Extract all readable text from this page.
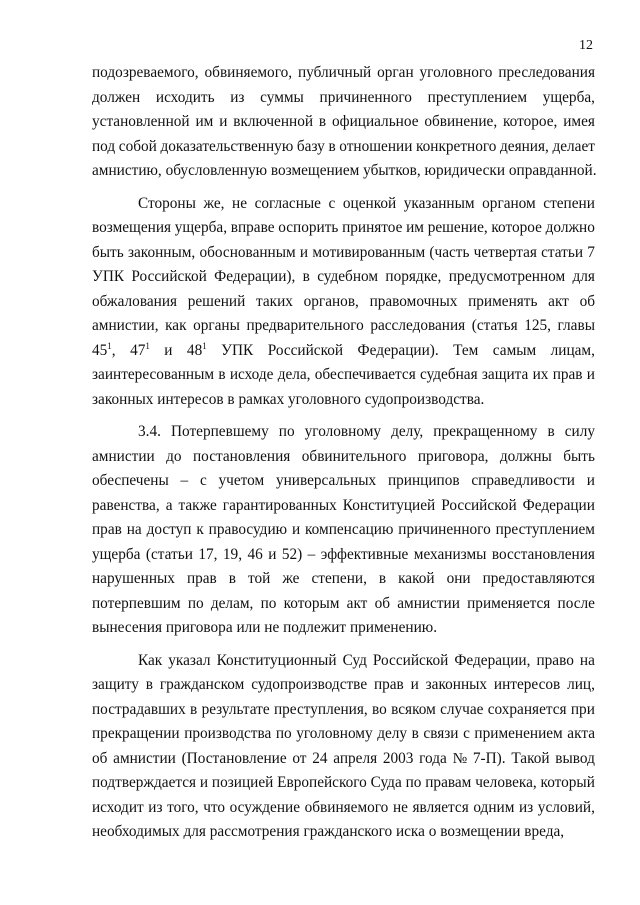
12
подозреваемого, обвиняемого, публичный орган уголовного преследования
должен исходить из суммы причиненного преступлением ущерба,
установленной им и включенной в официальное обвинение, которое, имея
под собой доказательственную базу в отношении конкретного деяния, делает
амнистию, обусловленную возмещением убытков, юридически оправданной.
Стороны же, не согласные с оценкой указанным органом степени
возмещения ущерба, вправе оспорить принятое им решение, которое должно
быть законным, обоснованным и мотивированным (часть четвертая статьи 7
УПК Российской Федерации), в судебном порядке, предусмотренном для
обжалования решений таких органов, правомочных применять акт об
амнистии, как органы предварительного расследования (статья 125, главы
$45^1$, $47^1$ и $48^1$ УПК Российской Федерации). Тем самым лицам,
заинтересованным в исходе дела, обеспечивается судебная защита их прав и
законных интересов в рамках уголовного судопроизводства.
3.4. Потерпевшему по уголовному делу, прекращенному в силу
амнистии до постановления обвинительного приговора, должны быть
обеспечены – с учетом универсальных принципов справедливости и
равенства, а также гарантированных Конституцией Российской Федерации
прав на доступ к правосудию и компенсацию причиненного преступлением
ущерба (статьи 17, 19, 46 и 52) – эффективные механизмы восстановления
нарушенных прав в той же степени, в какой они предоставляются
потерпевшим по делам, по которым акт об амнистии применяется после
вынесения приговора или не подлежит применению.
Как указал Конституционный Суд Российской Федерации, право на
защиту в гражданском судопроизводстве прав и законных интересов лиц,
пострадавших в результате преступления, во всяком случае сохраняется при
прекращении производства по уголовному делу в связи с применением акта
об амнистии (Постановление от 24 апреля 2003 года № 7-П). Такой вывод
подтверждается и позицией Европейского Суда по правам человека, который
исходит из того, что осуждение обвиняемого не является одним из условий,
необходимых для рассмотрения гражданского иска о возмещении вреда,
